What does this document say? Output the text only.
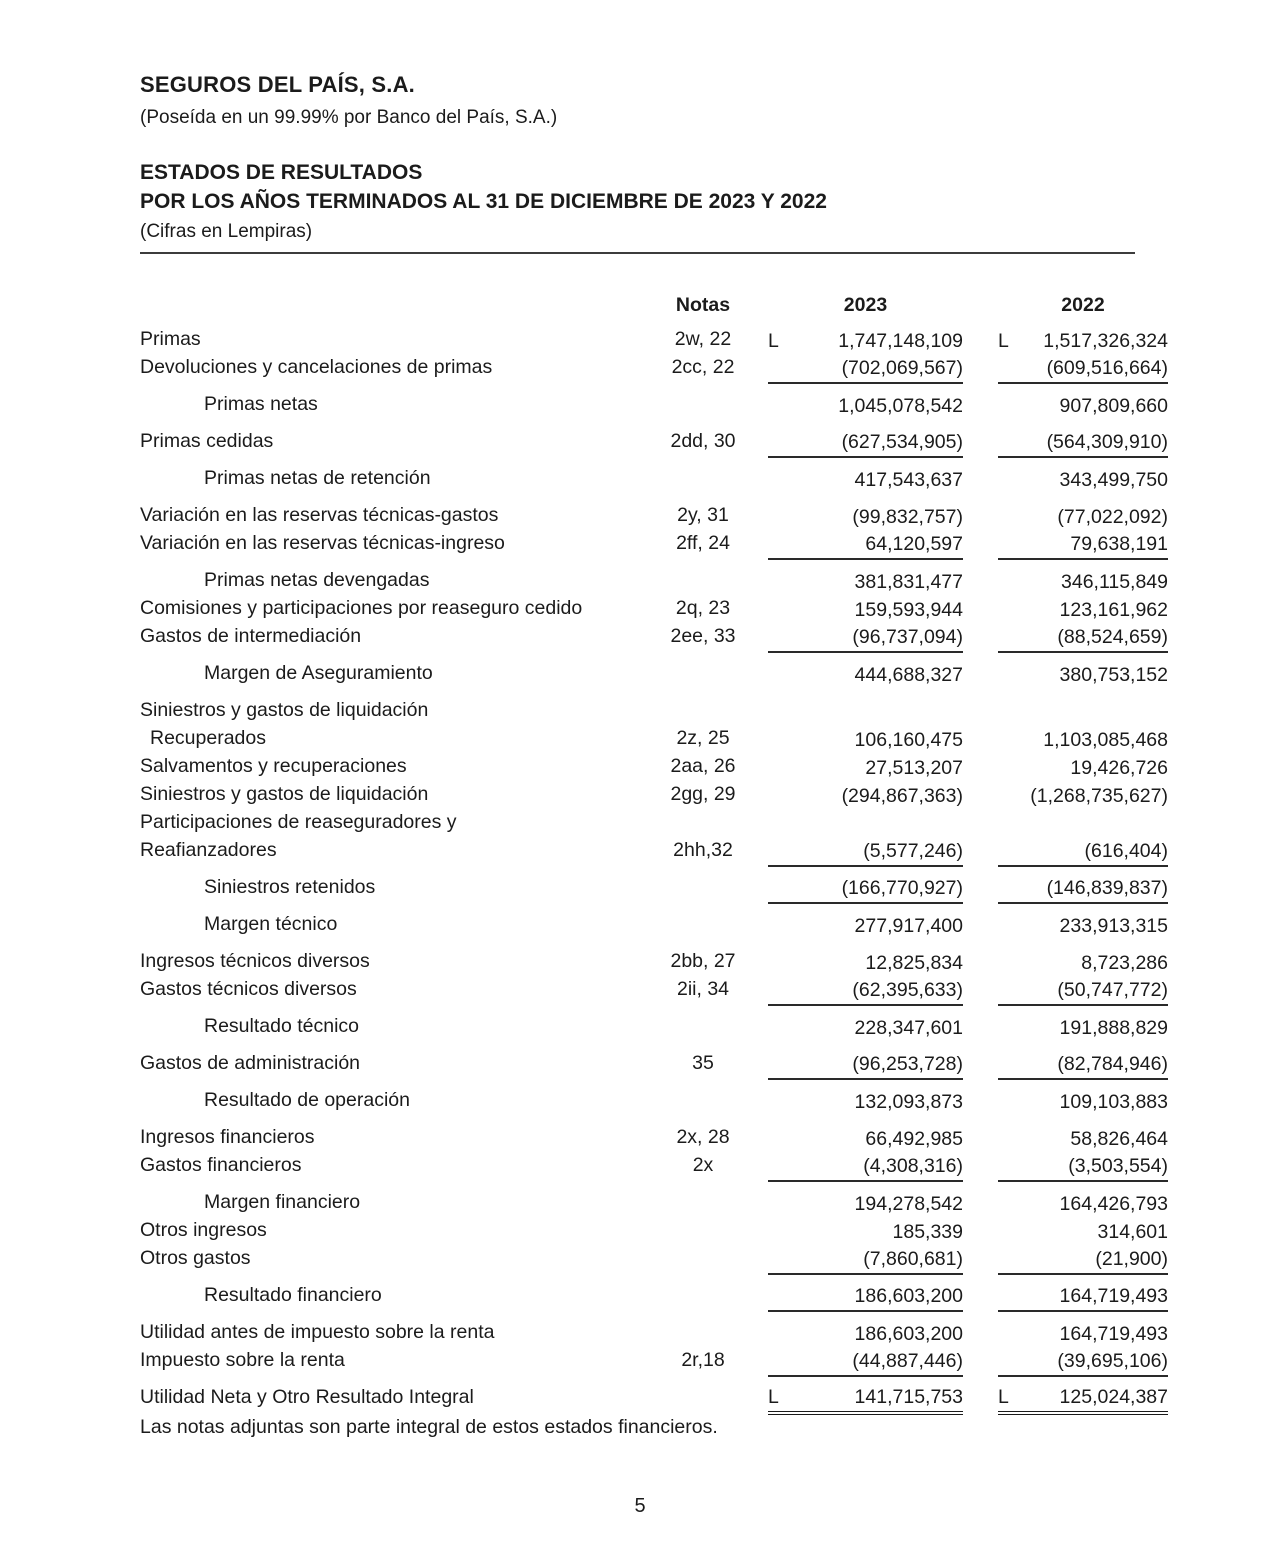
SEGUROS DEL PAÍS, S.A.
(Poseída en un 99.99% por Banco del País, S.A.)
ESTADOS DE RESULTADOS
POR LOS AÑOS TERMINADOS AL 31 DE DICIEMBRE DE 2023 Y 2022
(Cifras en Lempiras)
Notas	2023	2022
Primas	2w, 22	L	1,747,148,109 L	1,517,326,324
Devoluciones y cancelaciones de primas	2cc, 22	(702,069,567)	(609,516,664)
Primas netas	1,045,078,542	907,809,660
Primas cedidas	2dd, 30	(627,534,905)	(564,309,910)
Primas netas de retención	417,543,637	343,499,750
Variación en las reservas técnicas-gastos	2y, 31	(99,832,757)	(77,022,092)
Variación en las reservas técnicas-ingreso	2ff, 24	64,120,597	79,638,191
Primas netas devengadas	381,831,477	346,115,849
Comisiones y participaciones por reaseguro cedido	2q, 23	159,593,944	123,161,962
Gastos de intermediación	2ee, 33	(96,737,094)	(88,524,659)
Margen de Aseguramiento	444,688,327	380,753,152
Siniestros y gastos de liquidación
Recuperados	2z, 25	106,160,475	1,103,085,468
Salvamentos y recuperaciones	2aa, 26	27,513,207	19,426,726
Siniestros y gastos de liquidación	2gg, 29	(294,867,363)	(1,268,735,627)
Participaciones de reaseguradores y
Reafianzadores	2hh,32	(5,577,246)	(616,404)
Siniestros retenidos	(166,770,927)	(146,839,837)
Margen técnico	277,917,400	233,913,315
Ingresos técnicos diversos	2bb, 27	12,825,834	8,723,286
Gastos técnicos diversos	2ii, 34	(62,395,633)	(50,747,772)
Resultado técnico	228,347,601	191,888,829
Gastos de administración	35	(96,253,728)	(82,784,946)
Resultado de operación	132,093,873	109,103,883
Ingresos financieros	2x, 28	66,492,985	58,826,464
Gastos financieros	2x	(4,308,316)	(3,503,554)
Margen financiero	194,278,542	164,426,793
Otros ingresos	185,339	314,601
Otros gastos	(7,860,681)	(21,900)
Resultado financiero	186,603,200	164,719,493
Utilidad antes de impuesto sobre la renta	186,603,200	164,719,493
Impuesto sobre la renta	2r,18	(44,887,446)	(39,695,106)
Utilidad Neta y Otro Resultado Integral	L	141,715,753 L	125,024,387
Las notas adjuntas son parte integral de estos estados financieros.
5
